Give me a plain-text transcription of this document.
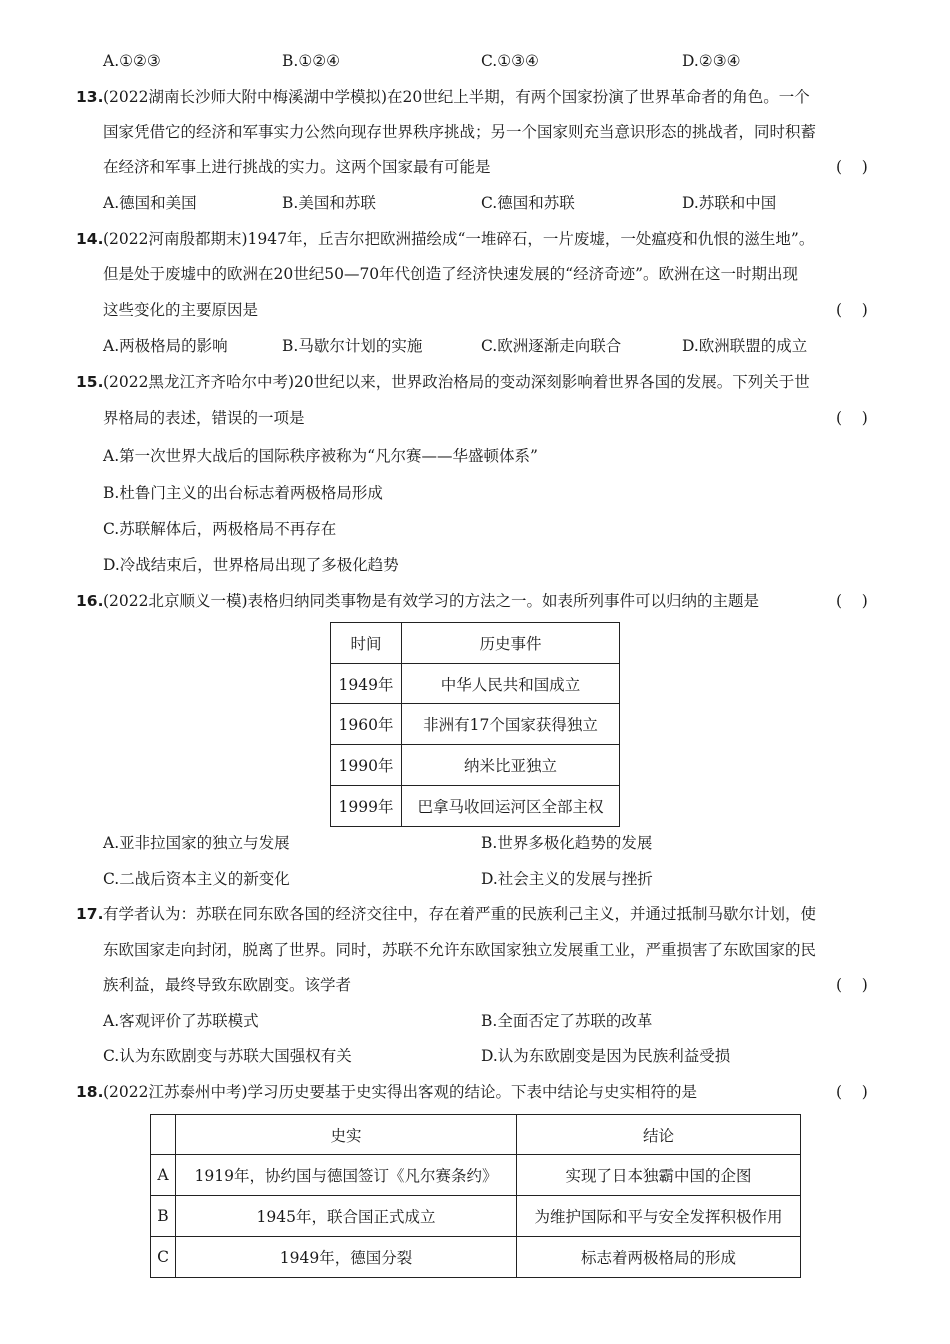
A.①②③	B.①②④	C.①③④	D.②③④
13. (2022湖南长沙师大附中梅溪湖中学模拟)在20世纪上半期，有两个国家扮演了世界革命者的角色。一个
国家凭借它的经济和军事实力公然向现存世界秩序挑战；另一个国家则充当意识形态的挑战者，同时积蓄
在经济和军事上进行挑战的实力。这两个国家最有可能是	(    )
A.德国和美国	B.美国和苏联	C.德国和苏联	D.苏联和中国
14. (2022河南殷都期末)1947年，丘吉尔把欧洲描绘成“一堆碎石，一片废墟，一处瘟疫和仇恨的滋生地”。
但是处于废墟中的欧洲在20世纪50—70年代创造了经济快速发展的“经济奇迹”。欧洲在这一时期出现
这些变化的主要原因是	(    )
A.两极格局的影响	B.马歇尔计划的实施	C.欧洲逐渐走向联合	D.欧洲联盟的成立
15. (2022黑龙江齐齐哈尔中考)20世纪以来，世界政治格局的变动深刻影响着世界各国的发展。下列关于世
界格局的表述，错误的一项是	(    )
A.第一次世界大战后的国际秩序被称为“凡尔赛——华盛顿体系”
B.杜鲁门主义的出台标志着两极格局形成
C.苏联解体后，两极格局不再存在
D.冷战结束后，世界格局出现了多极化趋势
16. (2022北京顺义一模)表格归纳同类事物是有效学习的方法之一。如表所列事件可以归纳的主题是	(    )
时间	历史事件
1949年	中华人民共和国成立
1960年	非洲有17个国家获得独立
1990年	纳米比亚独立
1999年	巴拿马收回运河区全部主权
A.亚非拉国家的独立与发展	B.世界多极化趋势的发展
C.二战后资本主义的新变化	D.社会主义的发展与挫折
17. 有学者认为：苏联在同东欧各国的经济交往中，存在着严重的民族利己主义，并通过抵制马歇尔计划，使
东欧国家走向封闭，脱离了世界。同时，苏联不允许东欧国家独立发展重工业，严重损害了东欧国家的民
族利益，最终导致东欧剧变。该学者	(    )
A.客观评价了苏联模式	B.全面否定了苏联的改革
C.认为东欧剧变与苏联大国强权有关	D.认为东欧剧变是因为民族利益受损
18. (2022江苏泰州中考)学习历史要基于史实得出客观的结论。下表中结论与史实相符的是	(    )
	史实	结论
A	1919年，协约国与德国签订《凡尔赛条约》	实现了日本独霸中国的企图
B	1945年，联合国正式成立	为维护国际和平与安全发挥积极作用
C	1949年，德国分裂	标志着两极格局的形成
